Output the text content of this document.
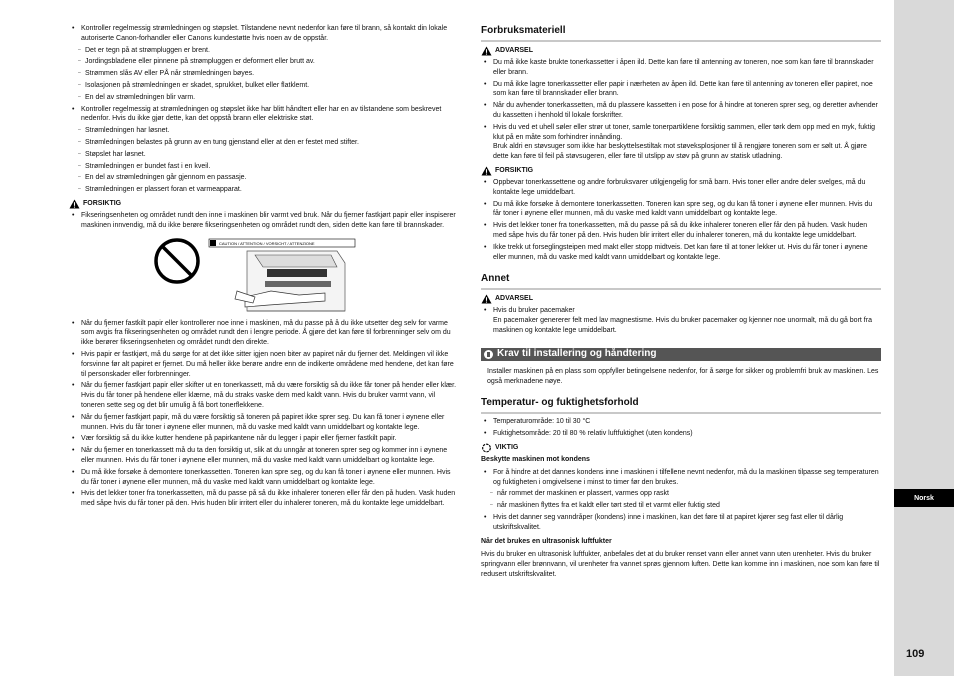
Norsk
109

• Kontroller regelmessig strømledningen og støpslet. Tilstandene nevnt nedenfor kan føre til brann, så kontakt din lokale autoriserte Canon-forhandler eller Canons kundestøtte hvis noen av de oppstår.

– Det er tegn på at strømpluggen er brent.

– Jordingsbladene eller pinnene på strømpluggen er deformert eller brutt av.

– Strømmen slås AV eller PÅ når strømledningen bøyes.

– Isolasjonen på strømledningen er skadet, sprukket, bulket eller flatklemt.

– En del av strømledningen blir varm.

• Kontroller regelmessig at strømledningen og støpslet ikke har blitt håndtert eller har en av tilstandene som beskrevet nedenfor. Hvis du ikke gjør dette, kan det oppstå brann eller elektriske støt.

– Strømledningen har løsnet.

– Strømledningen belastes på grunn av en tung gjenstand eller at den er festet med stifter.

– Støpslet har løsnet.

– Strømledningen er bundet fast i en kveil.

– En del av strømledningen går gjennom en passasje.

– Strømledningen er plassert foran et varmeapparat.

FORSIKTIG

• Fikseringsenheten og området rundt den inne i maskinen blir varmt ved bruk. Når du fjerner fastkjørt papir eller inspiserer maskinen innvendig, må du ikke berøre fikseringsenheten og området rundt den, siden dette kan føre til brannskader.

CAUTION / ATTENTION / VORSICHT / ATTENZIONE

• Når du fjerner fastkilt papir eller kontrollerer noe inne i maskinen, må du passe på å du ikke utsetter deg selv for varme som avgis fra fikseringsenheten og området rundt den i lengre periode. Å gjøre det kan føre til forbrenninger selv om du ikke berører fikseringsenheten og området rundt den direkte.

• Hvis papir er fastkjørt, må du sørge for at det ikke sitter igjen noen biter av papiret når du fjerner det. Meldingen vil ikke forsvinne før alt papiret er fjernet. Du må heller ikke berøre andre enn de indikerte områdene med hendene, det kan føre til personskader eller forbrenninger.

• Når du fjerner fastkjørt papir eller skifter ut en tonerkassett, må du være forsiktig så du ikke får toner på hender eller klær. Hvis du får toner på hendene eller klærne, må du straks vaske dem med kaldt vann. Hvis du bruker varmt vann, vil toneren sette seg og det blir umulig å få bort tonerflekkene.

• Når du fjerner fastkjørt papir, må du være forsiktig så toneren på papiret ikke sprer seg. Du kan få toner i øynene eller munnen. Hvis du får toner i øynene eller munnen, må du vaske med kaldt vann umiddelbart og kontakte lege.

• Vær forsiktig så du ikke kutter hendene på papirkantene når du legger i papir eller fjerner fastkilt papir.

• Når du fjerner en tonerkassett må du ta den forsiktig ut, slik at du unngår at toneren sprer seg og kommer inn i øynene eller munnen. Hvis du får toner i øynene eller munnen, må du vaske med kaldt vann umiddelbart og kontakte lege.

• Du må ikke forsøke å demontere tonerkassetten. Toneren kan spre seg, og du kan få toner i øynene eller munnen. Hvis du får toner i øynene eller munnen, må du vaske med kaldt vann umiddelbart og kontakte lege.

• Hvis det lekker toner fra tonerkassetten, må du passe på så du ikke inhalerer toneren eller får den på huden. Vask huden med såpe hvis du får toner på den. Hvis huden blir irritert eller du inhalerer toneren, må du kontakte lege umiddelbart.

Forbruksmateriell
ADVARSEL

• Du må ikke kaste brukte tonerkassetter i åpen ild. Dette kan føre til antenning av toneren, noe som kan føre til brannskader eller brann.

• Du må ikke lagre tonerkassetter eller papir i nærheten av åpen ild. Dette kan føre til antenning av toneren eller papiret, noe som kan føre til brannskader eller brann.

• Når du avhender tonerkassetten, må du plassere kassetten i en pose for å hindre at toneren sprer seg, og deretter avhender du kassetten i henhold til lokale forskrifter.

• Hvis du ved et uhell søler eller strør ut toner, samle tonerpartiklene forsiktig sammen, eller tørk dem opp med en myk, fuktig klut på en måte som forhindrer innånding.
Bruk aldri en støvsuger som ikke har beskyttelsestiltak mot støveksplosjoner til å rengjøre toneren som er sølt ut. Å gjøre dette kan føre til feil på støvsugeren, eller føre til utslipp av støv på grunn av statisk utladning.
FORSIKTIG

• Oppbevar tonerkassettene og andre forbruksvarer utilgjengelig for små barn. Hvis toner eller andre deler svelges, må du kontakte lege umiddelbart.

• Du må ikke forsøke å demontere tonerkassetten. Toneren kan spre seg, og du kan få toner i øynene eller munnen. Hvis du får toner i øynene eller munnen, må du vaske med kaldt vann umiddelbart og kontakte lege.

• Hvis det lekker toner fra tonerkassetten, må du passe på så du ikke inhalerer toneren eller får den på huden. Vask huden med såpe hvis du får toner på den. Hvis huden blir irritert eller du inhalerer toneren, må du kontakte lege umiddelbart.

• Ikke trekk ut forseglingsteipen med makt eller stopp midtveis. Det kan føre til at toner lekker ut. Hvis du får toner i øynene eller munnen, må du vaske med kaldt vann umiddelbart og kontakte lege.

Annet
ADVARSEL
• Hvis du bruker pacemaker
En pacemaker genererer felt med lav magnestisme. Hvis du bruker pacemaker og kjenner noe unormalt, må du gå bort fra maskinen og kontakte lege umiddelbart.
Krav til installering og håndtering

Installer maskinen på en plass som oppfyller betingelsene nedenfor, for å sørge for sikker og problemfri bruk av maskinen. Les også merknadene nøye.

Temperatur- og fuktighetsforhold

• Temperaturområde: 10 til 30 °C

• Fuktighetsområde: 20 til 80 % relativ luftfuktighet (uten kondens)

VIKTIG

Beskytte maskinen mot kondens

• For å hindre at det dannes kondens inne i maskinen i tilfellene nevnt nedenfor, må du la maskinen tilpasse seg temperaturen og fuktigheten i omgivelsene i minst to timer før den brukes.

– når rommet der maskinen er plassert, varmes opp raskt

– når maskinen flyttes fra et kaldt eller tørt sted til et varmt eller fuktig sted

• Hvis det danner seg vanndråper (kondens) inne i maskinen, kan det føre til at papiret kjører seg fast eller til dårlig utskriftskvalitet.

Når det brukes en ultrasonisk luftfukter

Hvis du bruker en ultrasonisk luftfukter, anbefales det at du bruker renset vann eller annet vann uten urenheter. Hvis du bruker springvann eller brønnvann, vil urenheter fra vannet sprøs gjennom luften. Dette kan komme inn i maskinen, noe som kan føre til redusert utskriftskvalitet.
